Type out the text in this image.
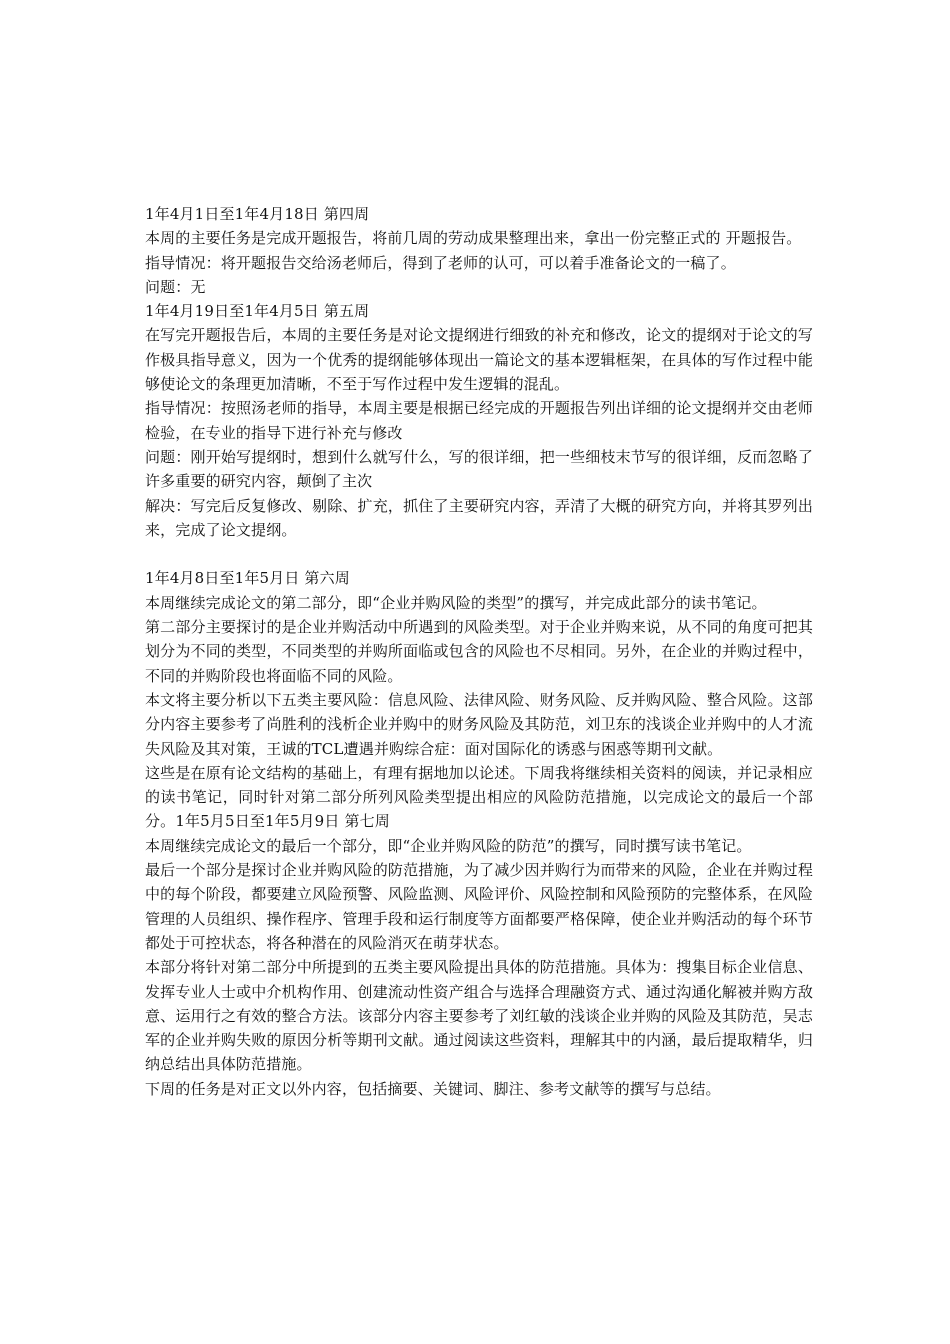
1年4月1日至1年4月18日 第四周

本周的主要任务是完成开题报告，将前几周的劳动成果整理出来，拿出一份完整正式的 开题报告。

指导情况：将开题报告交给汤老师后，得到了老师的认可，可以着手准备论文的一稿了。

问题：无

1年4月19日至1年4月5日 第五周

在写完开题报告后，本周的主要任务是对论文提纲进行细致的补充和修改，论文的提纲对于论文的写作极具指导意义，因为一个优秀的提纲能够体现出一篇论文的基本逻辑框架，在具体的写作过程中能够使论文的条理更加清晰，不至于写作过程中发生逻辑的混乱。

指导情况：按照汤老师的指导，本周主要是根据已经完成的开题报告列出详细的论文提纲并交由老师检验，在专业的指导下进行补充与修改

问题：刚开始写提纲时，想到什么就写什么，写的很详细，把一些细枝末节写的很详细，反而忽略了许多重要的研究内容，颠倒了主次

解决：写完后反复修改、剔除、扩充，抓住了主要研究内容，弄清了大概的研究方向，并将其罗列出来，完成了论文提纲。

1年4月8日至1年5月日 第六周

本周继续完成论文的第二部分，即“企业并购风险的类型”的撰写，并完成此部分的读书笔记。

第二部分主要探讨的是企业并购活动中所遇到的风险类型。对于企业并购来说，从不同的角度可把其划分为不同的类型，不同类型的并购所面临或包含的风险也不尽相同。另外，在企业的并购过程中，不同的并购阶段也将面临不同的风险。

本文将主要分析以下五类主要风险：信息风险、法律风险、财务风险、反并购风险、整合风险。这部分内容主要参考了尚胜利的浅析企业并购中的财务风险及其防范，刘卫东的浅谈企业并购中的人才流失风险及其对策，王诚的TCL遭遇并购综合症：面对国际化的诱惑与困惑等期刊文献。

这些是在原有论文结构的基础上，有理有据地加以论述。下周我将继续相关资料的阅读，并记录相应的读书笔记，同时针对第二部分所列风险类型提出相应的风险防范措施，以完成论文的最后一个部分。1年5月5日至1年5月9日 第七周

本周继续完成论文的最后一个部分，即“企业并购风险的防范”的撰写，同时撰写读书笔记。

最后一个部分是探讨企业并购风险的防范措施，为了减少因并购行为而带来的风险，企业在并购过程中的每个阶段，都要建立风险预警、风险监测、风险评价、风险控制和风险预防的完整体系，在风险管理的人员组织、操作程序、管理手段和运行制度等方面都要严格保障，使企业并购活动的每个环节都处于可控状态，将各种潜在的风险消灭在萌芽状态。

本部分将针对第二部分中所提到的五类主要风险提出具体的防范措施。具体为：搜集目标企业信息、发挥专业人士或中介机构作用、创建流动性资产组合与选择合理融资方式、通过沟通化解被并购方敌意、运用行之有效的整合方法。该部分内容主要参考了刘红敏的浅谈企业并购的风险及其防范，吴志军的企业并购失败的原因分析等期刊文献。通过阅读这些资料，理解其中的内涵，最后提取精华，归纳总结出具体防范措施。

下周的任务是对正文以外内容，包括摘要、关键词、脚注、参考文献等的撰写与总结。
